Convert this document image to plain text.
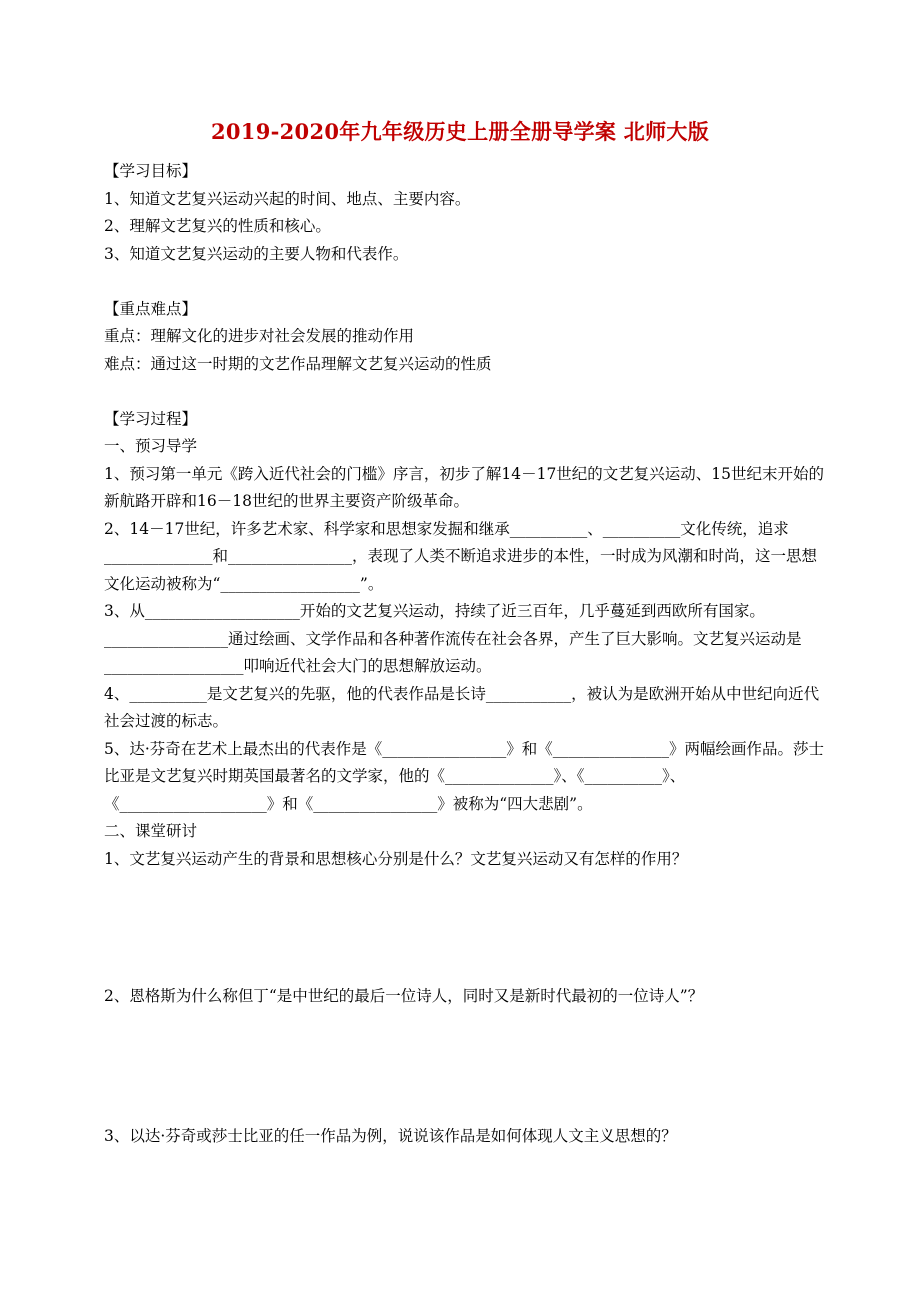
2019-2020年九年级历史上册全册导学案 北师大版

【学习目标】

1、知道文艺复兴运动兴起的时间、地点、主要内容。

2、理解文艺复兴的性质和核心。

3、知道文艺复兴运动的主要人物和代表作。

【重点难点】

重点：理解文化的进步对社会发展的推动作用

难点：通过这一时期的文艺作品理解文艺复兴运动的性质

【学习过程】

一、预习导学

1、预习第一单元《跨入近代社会的门槛》序言，初步了解14－17世纪的文艺复兴运动、15世纪末开始的新航路开辟和16－18世纪的世界主要资产阶级革命。

2、14－17世纪，许多艺术家、科学家和思想家发掘和继承__________、__________文化传统，追求______________和________________，表现了人类不断追求进步的本性，一时成为风潮和时尚，这一思想文化运动被称为“__________________”。

3、从____________________开始的文艺复兴运动，持续了近三百年，几乎蔓延到西欧所有国家。________________通过绘画、文学作品和各种著作流传在社会各界，产生了巨大影响。文艺复兴运动是__________________叩响近代社会大门的思想解放运动。

4、__________是文艺复兴的先驱，他的代表作品是长诗___________，被认为是欧洲开始从中世纪向近代社会过渡的标志。

5、达·芬奇在艺术上最杰出的代表作是《________________》和《_______________》两幅绘画作品。莎士比亚是文艺复兴时期英国最著名的文学家，他的《______________》、《__________》、《___________________》和《________________》被称为“四大悲剧”。

二、课堂研讨

1、文艺复兴运动产生的背景和思想核心分别是什么？文艺复兴运动又有怎样的作用？

2、恩格斯为什么称但丁“是中世纪的最后一位诗人，同时又是新时代最初的一位诗人”？

3、以达·芬奇或莎士比亚的任一作品为例，说说该作品是如何体现人文主义思想的？
